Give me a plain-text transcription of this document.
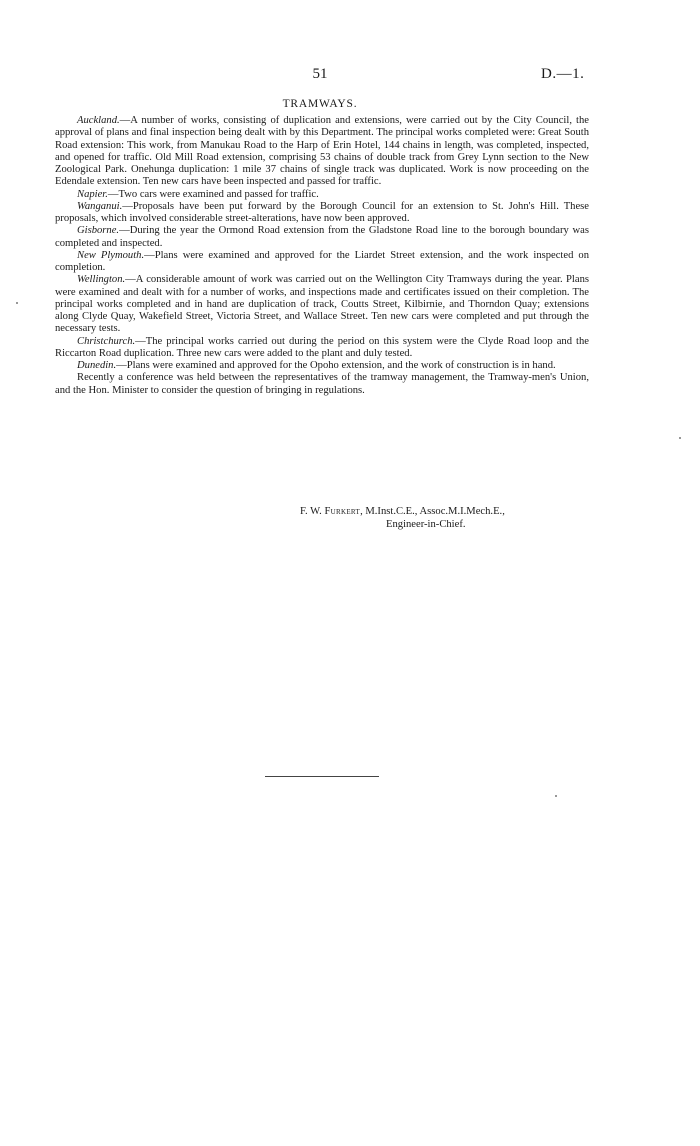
51	D.—1.
TRAMWAYS.

Auckland.—A number of works, consisting of duplication and extensions, were carried out by the City Council, the approval of plans and final inspection being dealt with by this Department. The principal works completed were: Great South Road extension: This work, from Manukau Road to the Harp of Erin Hotel, 144 chains in length, was completed, inspected, and opened for traffic. Old Mill Road extension, comprising 53 chains of double track from Grey Lynn section to the New Zoological Park. Onehunga duplication: 1 mile 37 chains of single track was duplicated. Work is now proceeding on the Edendale extension. Ten new cars have been inspected and passed for traffic.

Napier.—Two cars were examined and passed for traffic.

Wanganui.—Proposals have been put forward by the Borough Council for an extension to St. John's Hill. These proposals, which involved considerable street-alterations, have now been approved.

Gisborne.—During the year the Ormond Road extension from the Gladstone Road line to the borough boundary was completed and inspected.

New Plymouth.—Plans were examined and approved for the Liardet Street extension, and the work inspected on completion.

Wellington.—A considerable amount of work was carried out on the Wellington City Tramways during the year. Plans were examined and dealt with for a number of works, and inspections made and certificates issued on their completion. The principal works completed and in hand are duplication of track, Coutts Street, Kilbirnie, and Thorndon Quay; extensions along Clyde Quay, Wakefield Street, Victoria Street, and Wallace Street. Ten new cars were completed and put through the necessary tests.

Christchurch.—The principal works carried out during the period on this system were the Clyde Road loop and the Riccarton Road duplication. Three new cars were added to the plant and duly tested.

Dunedin.—Plans were examined and approved for the Opoho extension, and the work of construction is in hand.

Recently a conference was held between the representatives of the tramway management, the Tramway-men's Union, and the Hon. Minister to consider the question of bringing in regulations.

F. W. Furkert, M.Inst.C.E., Assoc.M.I.Mech.E.,
Engineer-in-Chief.
